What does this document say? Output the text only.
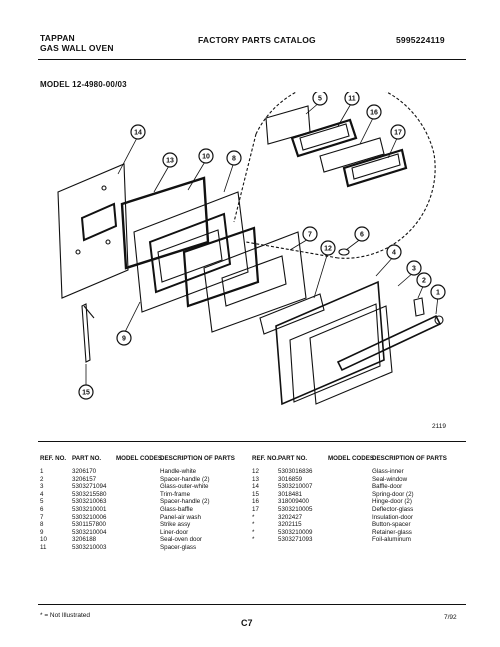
TAPPAN
GAS WALL OVEN
FACTORY PARTS CATALOG	5995224119
MODEL 12-4980-00/03
14
13
10	8
7	6
4
3
2
1
12
9
15
5	11
16
17
2119
REF. NO. PART NO.	MODEL CODES
DESCRIPTION OF PARTS
1	3206170	Handle-white
2	3206157	Spacer-handle (2)
3	5303271094	Glass-outer-white
4	5303215580	Trim-frame
5	5303210063	Spacer-handle (2)
6	5303210001	Glass-baffle
7	5303210006	Panel-air wash
8	5301157800	Strike assy
9	5303210004	Liner-door
10	3206188	Seal-oven door
11	5303210003	Spacer-glass
REF. NO. PART NO.	MODEL CODES
DESCRIPTION OF PARTS
12	5303016836	Glass-inner
13	3016859	Seal-window
14	5303210007	Baffle-door
15	3018481	Spring-door (2)
16	318009400	Hinge-door (2)
17	5303210005	Deflector-glass
*	3202427	Insulation-door
*	3202115	Button-spacer
*	5303210009	Retainer-glass
*	5303271093	Foil-aluminum
* = Not Illustrated
C7
7/92
